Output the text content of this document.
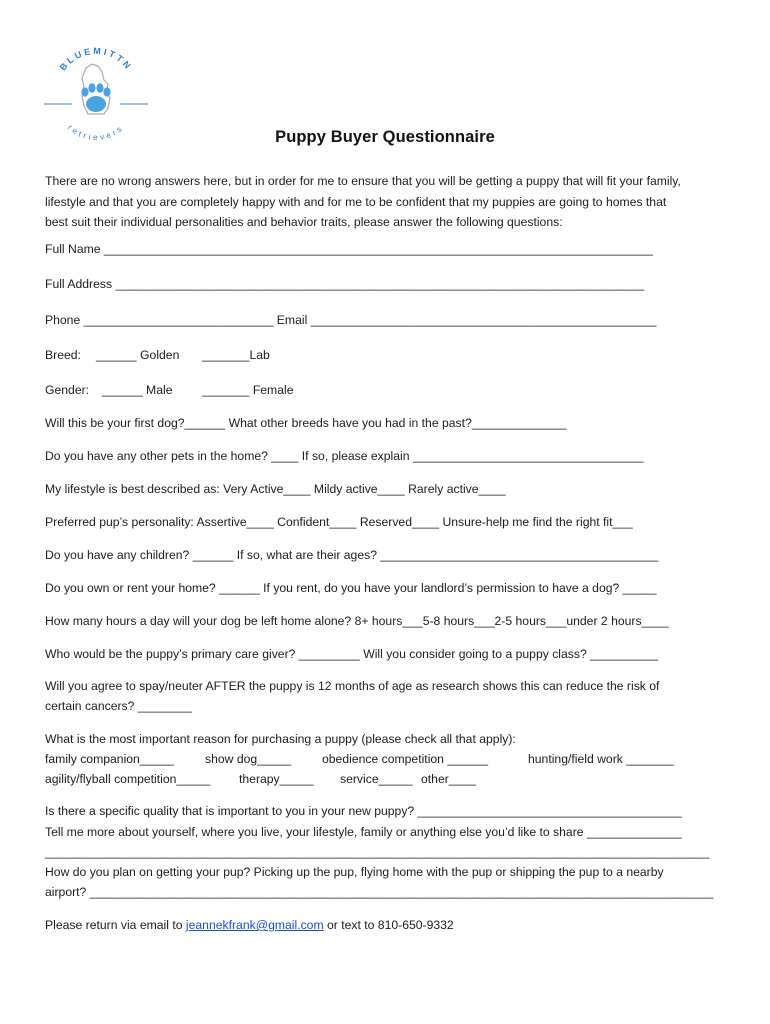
BLUEMITTN
retrievers	Puppy Buyer Questionnaire
There are no wrong answers here, but in order for me to ensure that you will be getting a puppy that will fit your family,
lifestyle and that you are completely happy with and for me to be confident that my puppies are going to homes that
best suit their individual personalities and behavior traits, please answer the following questions:
Full Name _________________________________________________________________________________
Full Address ______________________________________________________________________________
Phone ____________________________ Email ___________________________________________________
Breed: ______ Golden _______Lab
Gender: ______ Male _______ Female
Will this be your first dog?______ What other breeds have you had in the past?______________
Do you have any other pets in the home? ____ If so, please explain __________________________________
My lifestyle is best described as: Very Active____ Mildy active____ Rarely active____
Preferred pup’s personality: Assertive____ Confident____ Reserved____ Unsure-help me find the right fit___
Do you have any children? ______ If so, what are their ages? _________________________________________
Do you own or rent your home? ______ If you rent, do you have your landlord’s permission to have a dog? _____
How many hours a day will your dog be left home alone? 8+ hours___5-8 hours___2-5 hours___under 2 hours____
Who would be the puppy’s primary care giver? _________ Will you consider going to a puppy class? __________
Will you agree to spay/neuter AFTER the puppy is 12 months of age as research shows this can reduce the risk of
certain cancers? ________
What is the most important reason for purchasing a puppy (please check all that apply):
family companion_____	show dog_____	obedience competition ______	hunting/field work _______
agility/flyball competition_____ therapy_____ service_____ other____
Is there a specific quality that is important to you in your new puppy? _______________________________________
Tell me more about yourself, where you live, your lifestyle, family or anything else you’d like to share ______________
__________________________________________________________________________________________________
How do you plan on getting your pup? Picking up the pup, flying home with the pup or shipping the pup to a nearby
airport? ____________________________________________________________________________________________
Please return via email to jeannekfrank@gmail.com or text to 810-650-9332
